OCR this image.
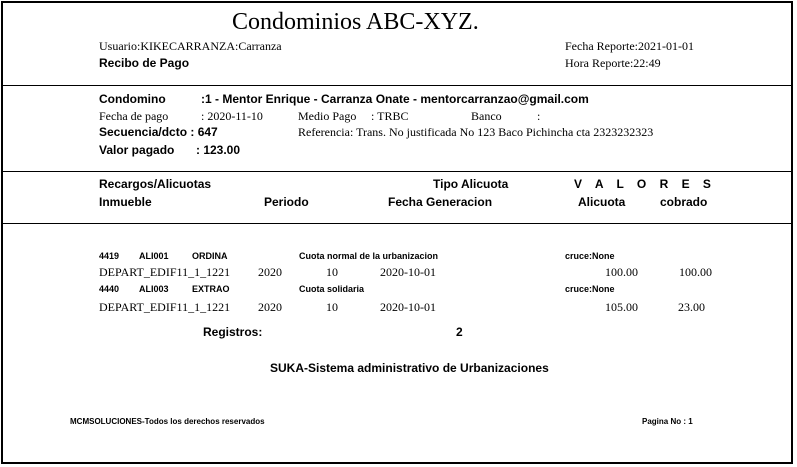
Condominios ABC-XYZ.
Usuario:KIKECARRANZA:Carranza
Recibo de Pago
Fecha Reporte:2021-01-01
Hora Reporte:22:49
Condomino	:1 - Mentor Enrique - Carranza Onate - mentorcarranzao@gmail.com
Fecha de pago	: 2020-11-10	Medio Pago : TRBC	Banco	:
Secuencia/dcto : 647	Referencia: Trans. No justificada No 123 Baco Pichincha cta 2323232323
Valor pagado : 123.00
Recargos/Alicuotas	Tipo Alicuota	V A L O R E S
Inmueble	Periodo	Fecha Generacion	Alicuota	cobrado
4419 ALI001	ORDINA	Cuota normal de la urbanizacion	cruce:None
DEPART_EDIF11_1_1221 2020	10	2020-10-01	100.00	100.00
4440 ALI003	EXTRAO	Cuota solidaria	cruce:None
DEPART_EDIF11_1_1221 2020	10	2020-10-01	105.00	23.00
Registros:	2
SUKA-Sistema administrativo de Urbanizaciones
MCMSOLUCIONES-Todos los derechos reservados	Pagina No : 1
